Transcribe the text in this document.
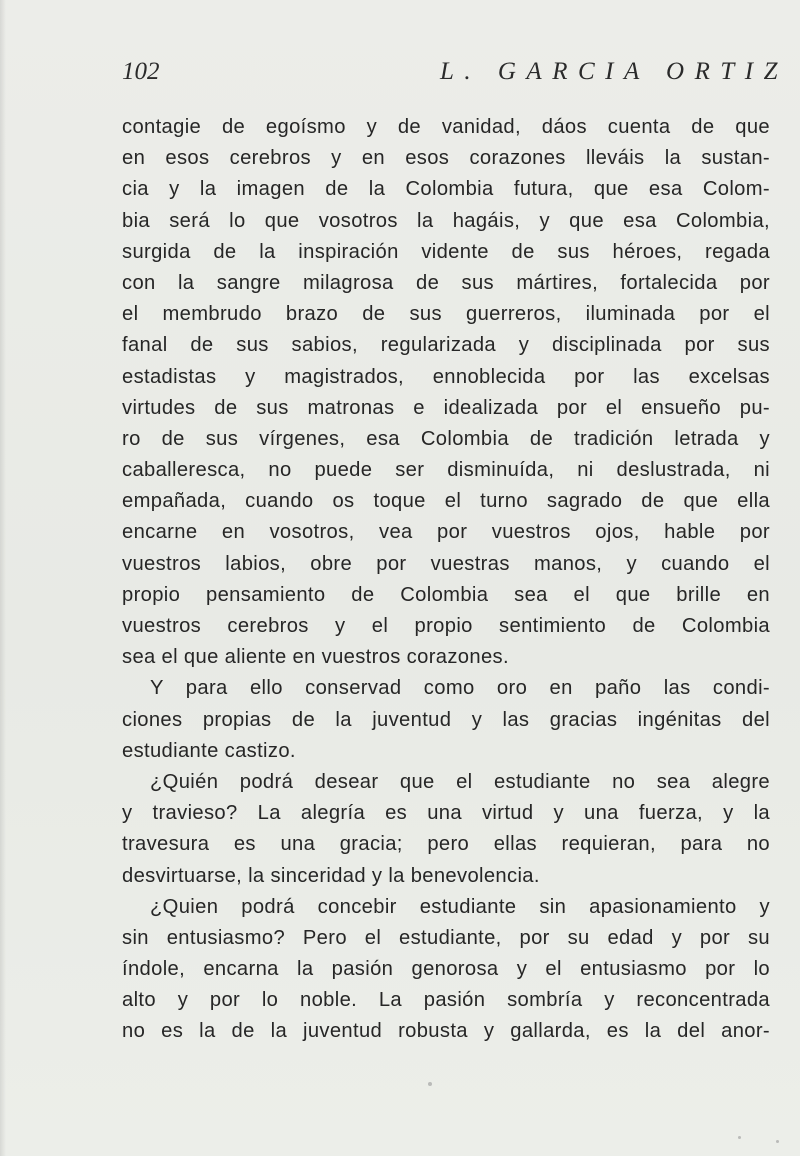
102	L. GARCIA ORTIZ
contagie de egoísmo y de vanidad, dáos cuenta de que
en esos cerebros y en esos corazones lleváis la sustan-
cia y la imagen de la Colombia futura, que esa Colom-
bia será lo que vosotros la hagáis, y que esa Colombia,
surgida de la inspiración vidente de sus héroes, regada
con la sangre milagrosa de sus mártires, fortalecida por
el membrudo brazo de sus guerreros, iluminada por el
fanal de sus sabios, regularizada y disciplinada por sus
estadistas y magistrados, ennoblecida por las excelsas
virtudes de sus matronas e idealizada por el ensueño pu-
ro de sus vírgenes, esa Colombia de tradición letrada y
caballeresca, no puede ser disminuída, ni deslustrada, ni
empañada, cuando os toque el turno sagrado de que ella
encarne en vosotros, vea por vuestros ojos, hable por
vuestros labios, obre por vuestras manos, y cuando el
propio pensamiento de Colombia sea el que brille en
vuestros cerebros y el propio sentimiento de Colombia
sea el que aliente en vuestros corazones.
Y para ello conservad como oro en paño las condi-
ciones propias de la juventud y las gracias ingénitas del
estudiante castizo.
¿Quién podrá desear que el estudiante no sea alegre
y travieso? La alegría es una virtud y una fuerza, y la
travesura es una gracia; pero ellas requieran, para no
desvirtuarse, la sinceridad y la benevolencia.
¿Quien podrá concebir estudiante sin apasionamiento y
sin entusiasmo? Pero el estudiante, por su edad y por su
índole, encarna la pasión genorosa y el entusiasmo por lo
alto y por lo noble. La pasión sombría y reconcentrada
no es la de la juventud robusta y gallarda, es la del anor-
